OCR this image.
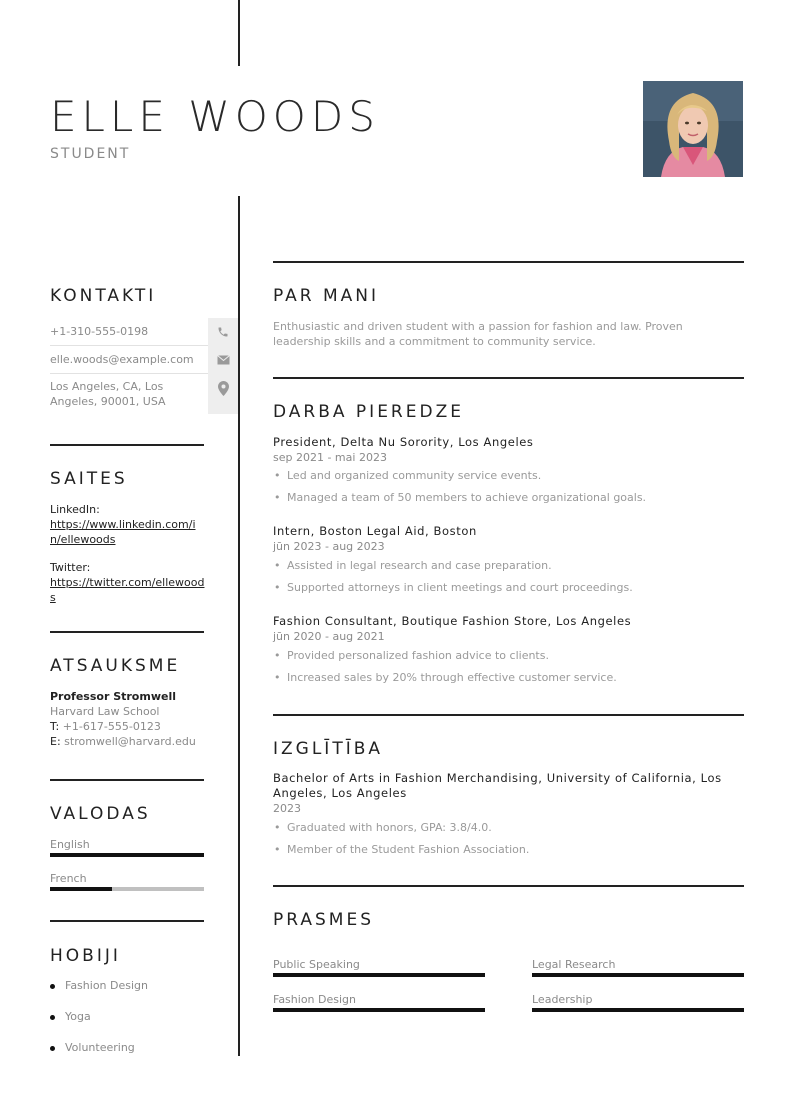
ELLE WOODS
STUDENT
KONTAKTI
+1-310-555-0198
elle.woods@example.com
Los Angeles, CA, Los Angeles, 90001, USA
SAITES
LinkedIn:
https://www.linkedin.com/in/ellewoods
Twitter:
https://twitter.com/ellewoods
ATSAUKSME
Professor Stromwell
Harvard Law School
T: +1-617-555-0123
E: stromwell@harvard.edu
VALODAS
English
French
HOBIJI
Fashion Design
Yoga
Volunteering
PAR MANI
Enthusiastic and driven student with a passion for fashion and law. Proven leadership skills and a commitment to community service.
DARBA PIEREDZE
President, Delta Nu Sorority, Los Angeles
sep 2021 - mai 2023
• Led and organized community service events.
• Managed a team of 50 members to achieve organizational goals.
Intern, Boston Legal Aid, Boston
jūn 2023 - aug 2023
• Assisted in legal research and case preparation.
• Supported attorneys in client meetings and court proceedings.
Fashion Consultant, Boutique Fashion Store, Los Angeles
jūn 2020 - aug 2021
• Provided personalized fashion advice to clients.
• Increased sales by 20% through effective customer service.
IZGLĪTĪBA
Bachelor of Arts in Fashion Merchandising, University of California, Los Angeles, Los Angeles
2023
• Graduated with honors, GPA: 3.8/4.0.
• Member of the Student Fashion Association.
PRASMES
Public Speaking	Legal Research
Fashion Design	Leadership
